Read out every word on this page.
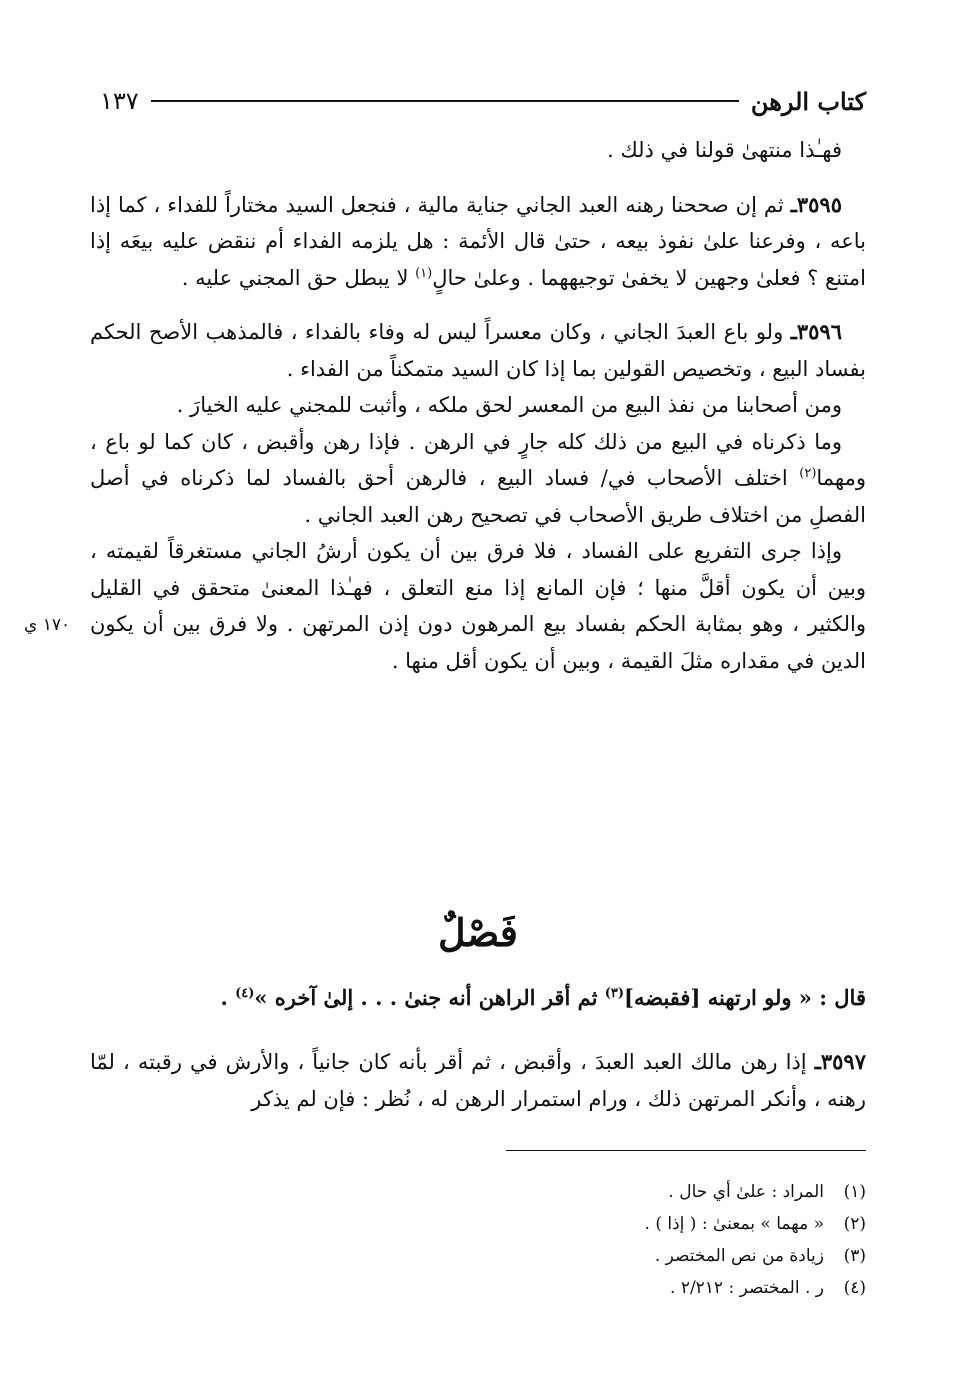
كتاب الرهن
١٣٧
١٧٠ ي

فهـٰذا منتهىٰ قولنا في ذلك .

٣٥٩٥ـ ثم إن صححنا رهنه العبد الجاني جناية مالية ، فنجعل السيد مختاراً للفداء ، كما إذا باعه ، وفرعنا علىٰ نفوذ بيعه ، حتىٰ قال الأئمة : هل يلزمه الفداء أم ننقض عليه بيعَه إذا امتنع ؟ فعلىٰ وجهين لا يخفىٰ توجيههما . وعلىٰ حالٍ$^{(١)}$ لا يبطل حق المجني عليه .

٣٥٩٦ـ ولو باع العبدَ الجاني ، وكان معسراً ليس له وفاء بالفداء ، فالمذهب الأصح الحكم بفساد البيع ، وتخصيص القولين بما إذا كان السيد متمكناً من الفداء .

ومن أصحابنا من نفذ البيع من المعسر لحق ملكه ، وأثبت للمجني عليه الخيارَ .

وما ذكرناه في البيع من ذلك كله جارٍ في الرهن . فإذا رهن وأقبض ، كان كما لو باع ، ومهما$^{(٢)}$ اختلف الأصحاب في/ فساد البيع ، فالرهن أحق بالفساد لما ذكرناه في أصل الفصلِ من اختلاف طريق الأصحاب في تصحيح رهن العبد الجاني .

وإذا جرى التفريع على الفساد ، فلا فرق بين أن يكون أرشُ الجاني مستغرقاً لقيمته ، وبين أن يكون أقلَّ منها ؛ فإن المانع إذا منع التعلق ، فهـٰذا المعنىٰ متحقق في القليل والكثير ، وهو بمثابة الحكم بفساد بيع المرهون دون إذن المرتهن . ولا فرق بين أن يكون الدين في مقداره مثلَ القيمة ، وبين أن يكون أقل منها .

فَصْلٌ
قال : « ولو ارتهنه [فقبضه]$^{(٣)}$ ثم أقر الراهن أنه جنىٰ . . . إلىٰ آخره »$^{(٤)}$ .

٣٥٩٧ـ إذا رهن مالك العبد العبدَ ، وأقبض ، ثم أقر بأنه كان جانياً ، والأرش في رقبته ، لمّا رهنه ، وأنكر المرتهن ذلك ، ورام استمرار الرهن له ، نُظر : فإن لم يذكر

(١)المراد : علىٰ أي حال .
(٢)« مهما » بمعنىٰ : ( إذا ) .
(٣)زيادة من نص المختصر .
(٤)ر . المختصر : ٢/٢١٢ .
